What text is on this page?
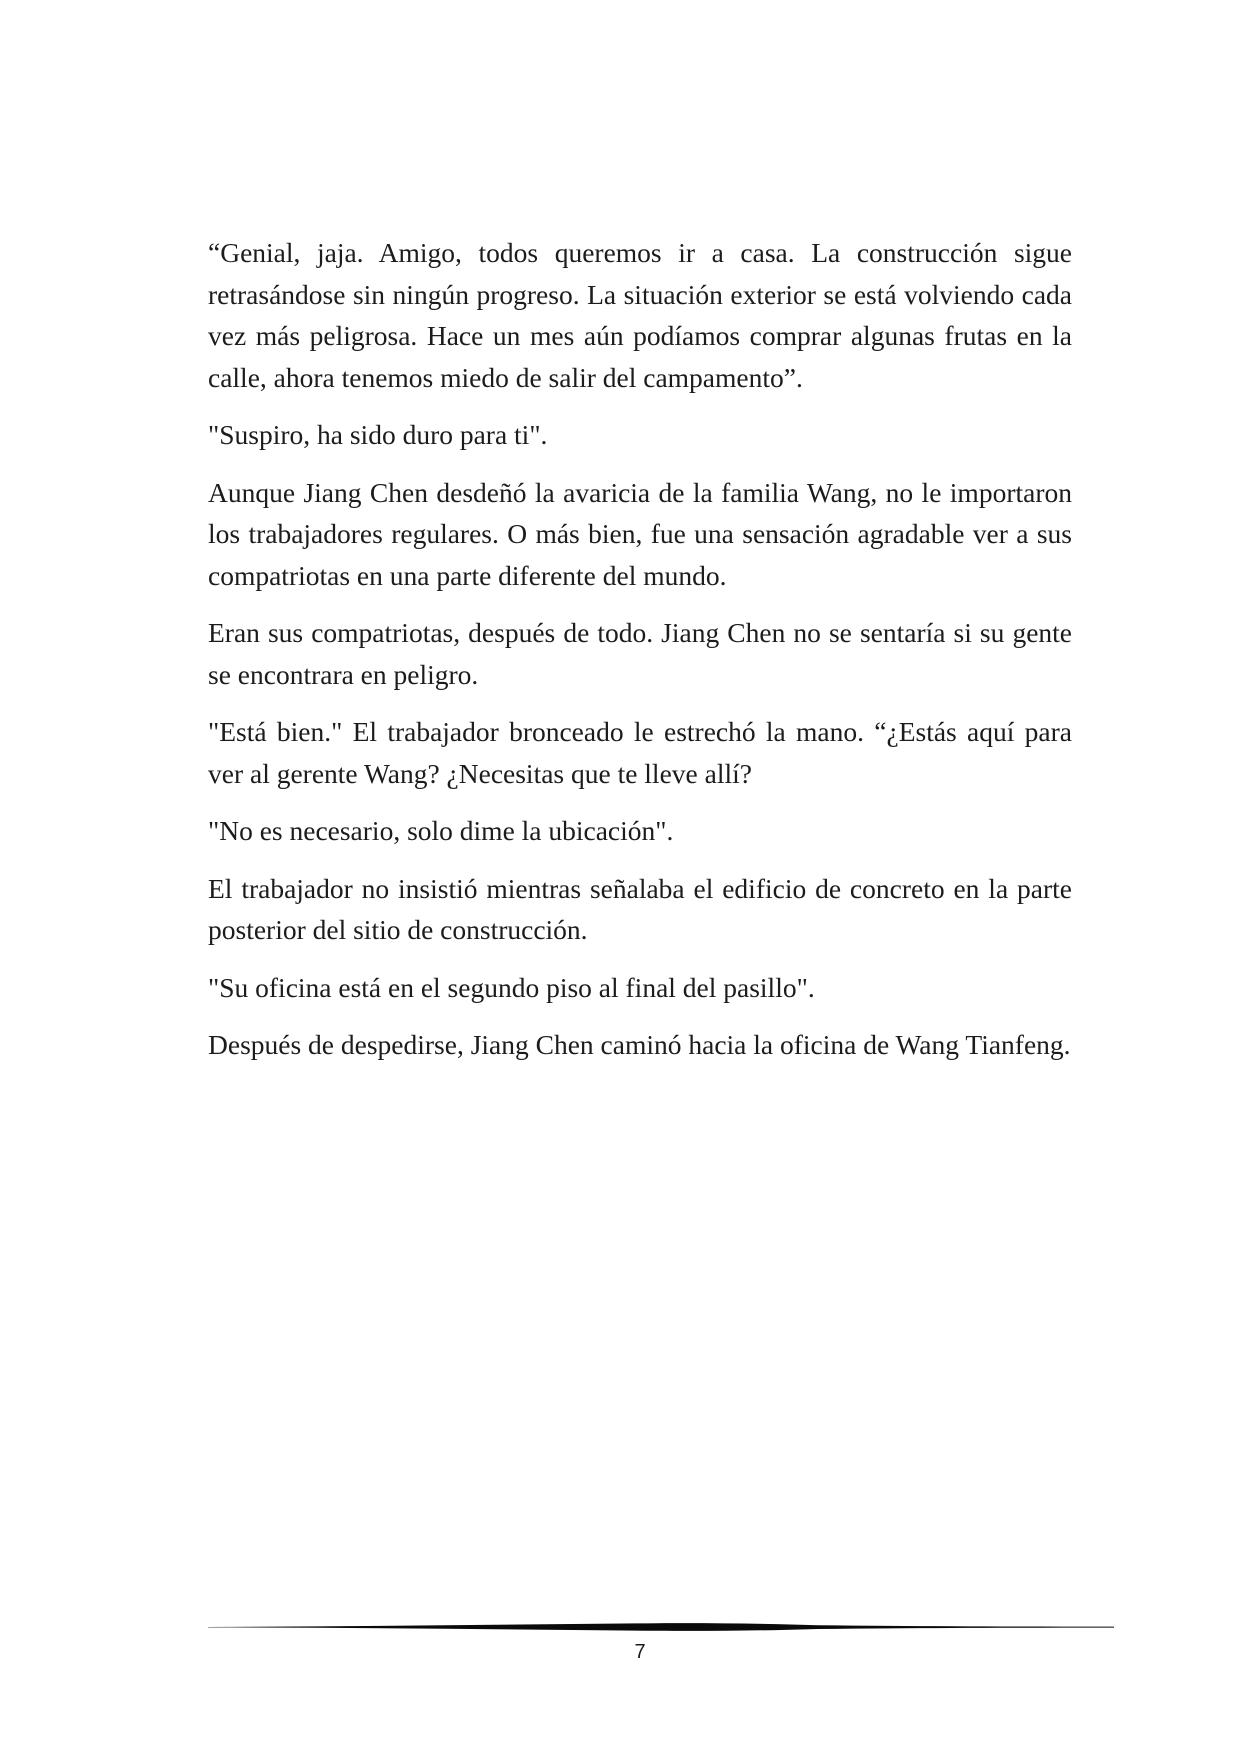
“Genial, jaja. Amigo, todos queremos ir a casa. La construcción sigue retrasándose sin ningún progreso. La situación exterior se está volviendo cada vez más peligrosa. Hace un mes aún podíamos comprar algunas frutas en la calle, ahora tenemos miedo de salir del campamento”.

"Suspiro, ha sido duro para ti".

Aunque Jiang Chen desdeñó la avaricia de la familia Wang, no le importaron los trabajadores regulares. O más bien, fue una sensación agradable ver a sus compatriotas en una parte diferente del mundo.

Eran sus compatriotas, después de todo. Jiang Chen no se sentaría si su gente se encontrara en peligro.

"Está bien." El trabajador bronceado le estrechó la mano. “¿Estás aquí para ver al gerente Wang? ¿Necesitas que te lleve allí?

"No es necesario, solo dime la ubicación".

El trabajador no insistió mientras señalaba el edificio de concreto en la parte posterior del sitio de construcción.

"Su oficina está en el segundo piso al final del pasillo".

Después de despedirse, Jiang Chen caminó hacia la oficina de Wang Tianfeng.

7
